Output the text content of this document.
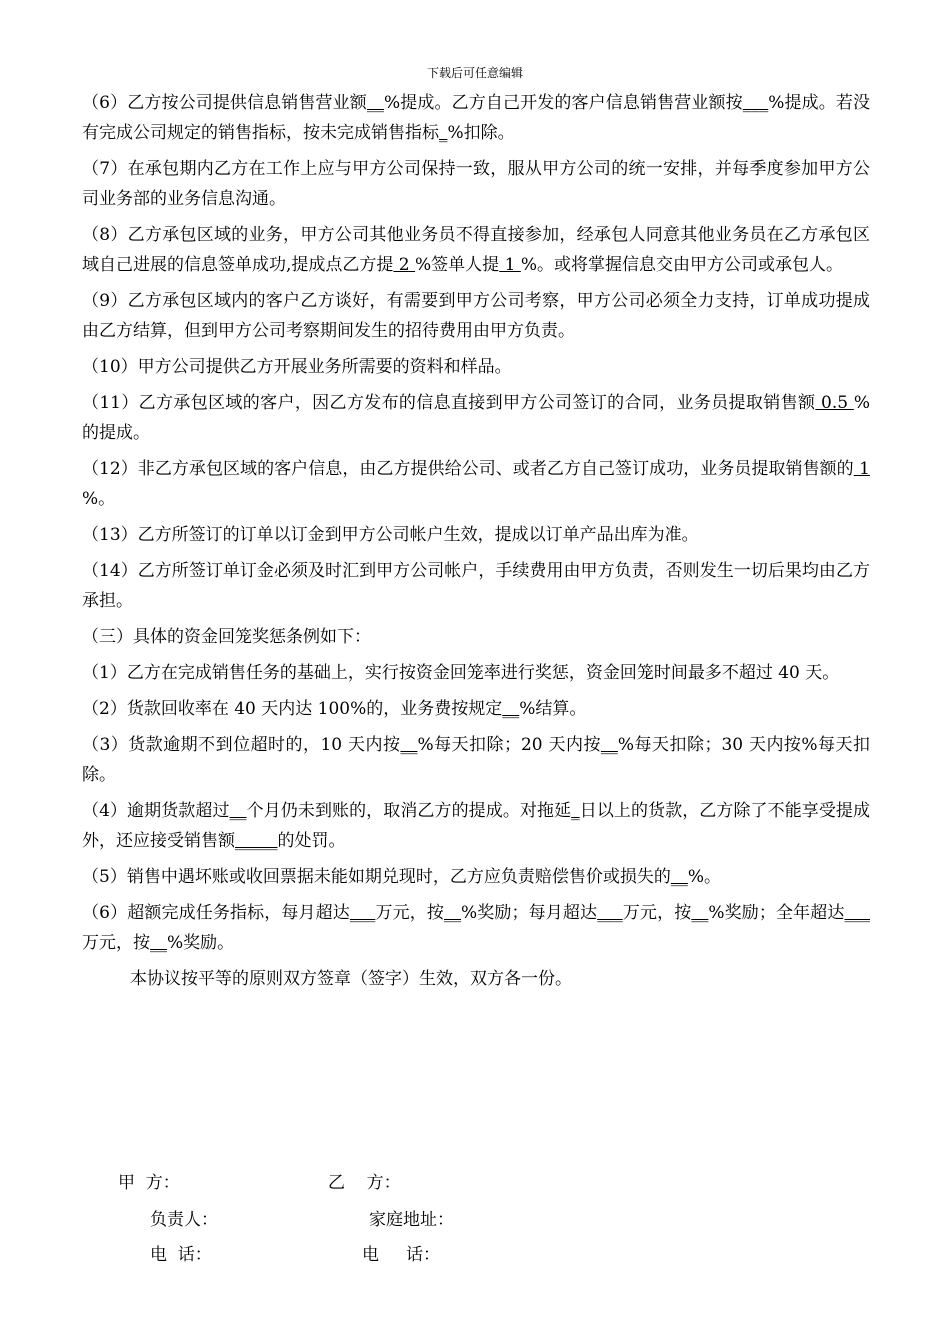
下载后可任意编辑

（6）乙方按公司提供信息销售营业额__%提成。乙方自己开发的客户信息销售营业额按___%提成。若没有完成公司规定的销售指标，按未完成销售指标_%扣除。

（7）在承包期内乙方在工作上应与甲方公司保持一致，服从甲方公司的统一安排，并每季度参加甲方公司业务部的业务信息沟通。

（8）乙方承包区域的业务，甲方公司其他业务员不得直接参加，经承包人同意其他业务员在乙方承包区域自己进展的信息签单成功,提成点乙方提 2 %签单人提 1 %。或将掌握信息交由甲方公司或承包人。

（9）乙方承包区域内的客户乙方谈好，有需要到甲方公司考察，甲方公司必须全力支持，订单成功提成由乙方结算，但到甲方公司考察期间发生的招待费用由甲方负责。

（10）甲方公司提供乙方开展业务所需要的资料和样品。

（11）乙方承包区域的客户，因乙方发布的信息直接到甲方公司签订的合同，业务员提取销售额 0.5 %的提成。

（12）非乙方承包区域的客户信息，由乙方提供给公司、或者乙方自己签订成功，业务员提取销售额的 1 %。

（13）乙方所签订的订单以订金到甲方公司帐户生效，提成以订单产品出库为准。

（14）乙方所签订单订金必须及时汇到甲方公司帐户，手续费用由甲方负责，否则发生一切后果均由乙方承担。

（三）具体的资金回笼奖惩条例如下：

（1）乙方在完成销售任务的基础上，实行按资金回笼率进行奖惩，资金回笼时间最多不超过 40 天。

（2）货款回收率在 40 天内达 100%的，业务费按规定__%结算。

（3）货款逾期不到位超时的，10 天内按__%每天扣除；20 天内按__%每天扣除；30 天内按%每天扣除。

（4）逾期货款超过__个月仍未到账的，取消乙方的提成。对拖延_日以上的货款，乙方除了不能享受提成外，还应接受销售额_____的处罚。

（5）销售中遇坏账或收回票据未能如期兑现时，乙方应负责赔偿售价或损失的__%。

（6）超额完成任务指标，每月超达___万元，按__%奖励；每月超达___万元，按__%奖励；全年超达___万元，按__%奖励。

本协议按平等的原则双方签章（签字）生效，双方各一份。

甲  方：	乙    方：
负责人：	家庭地址：
电  话：	电     话：
